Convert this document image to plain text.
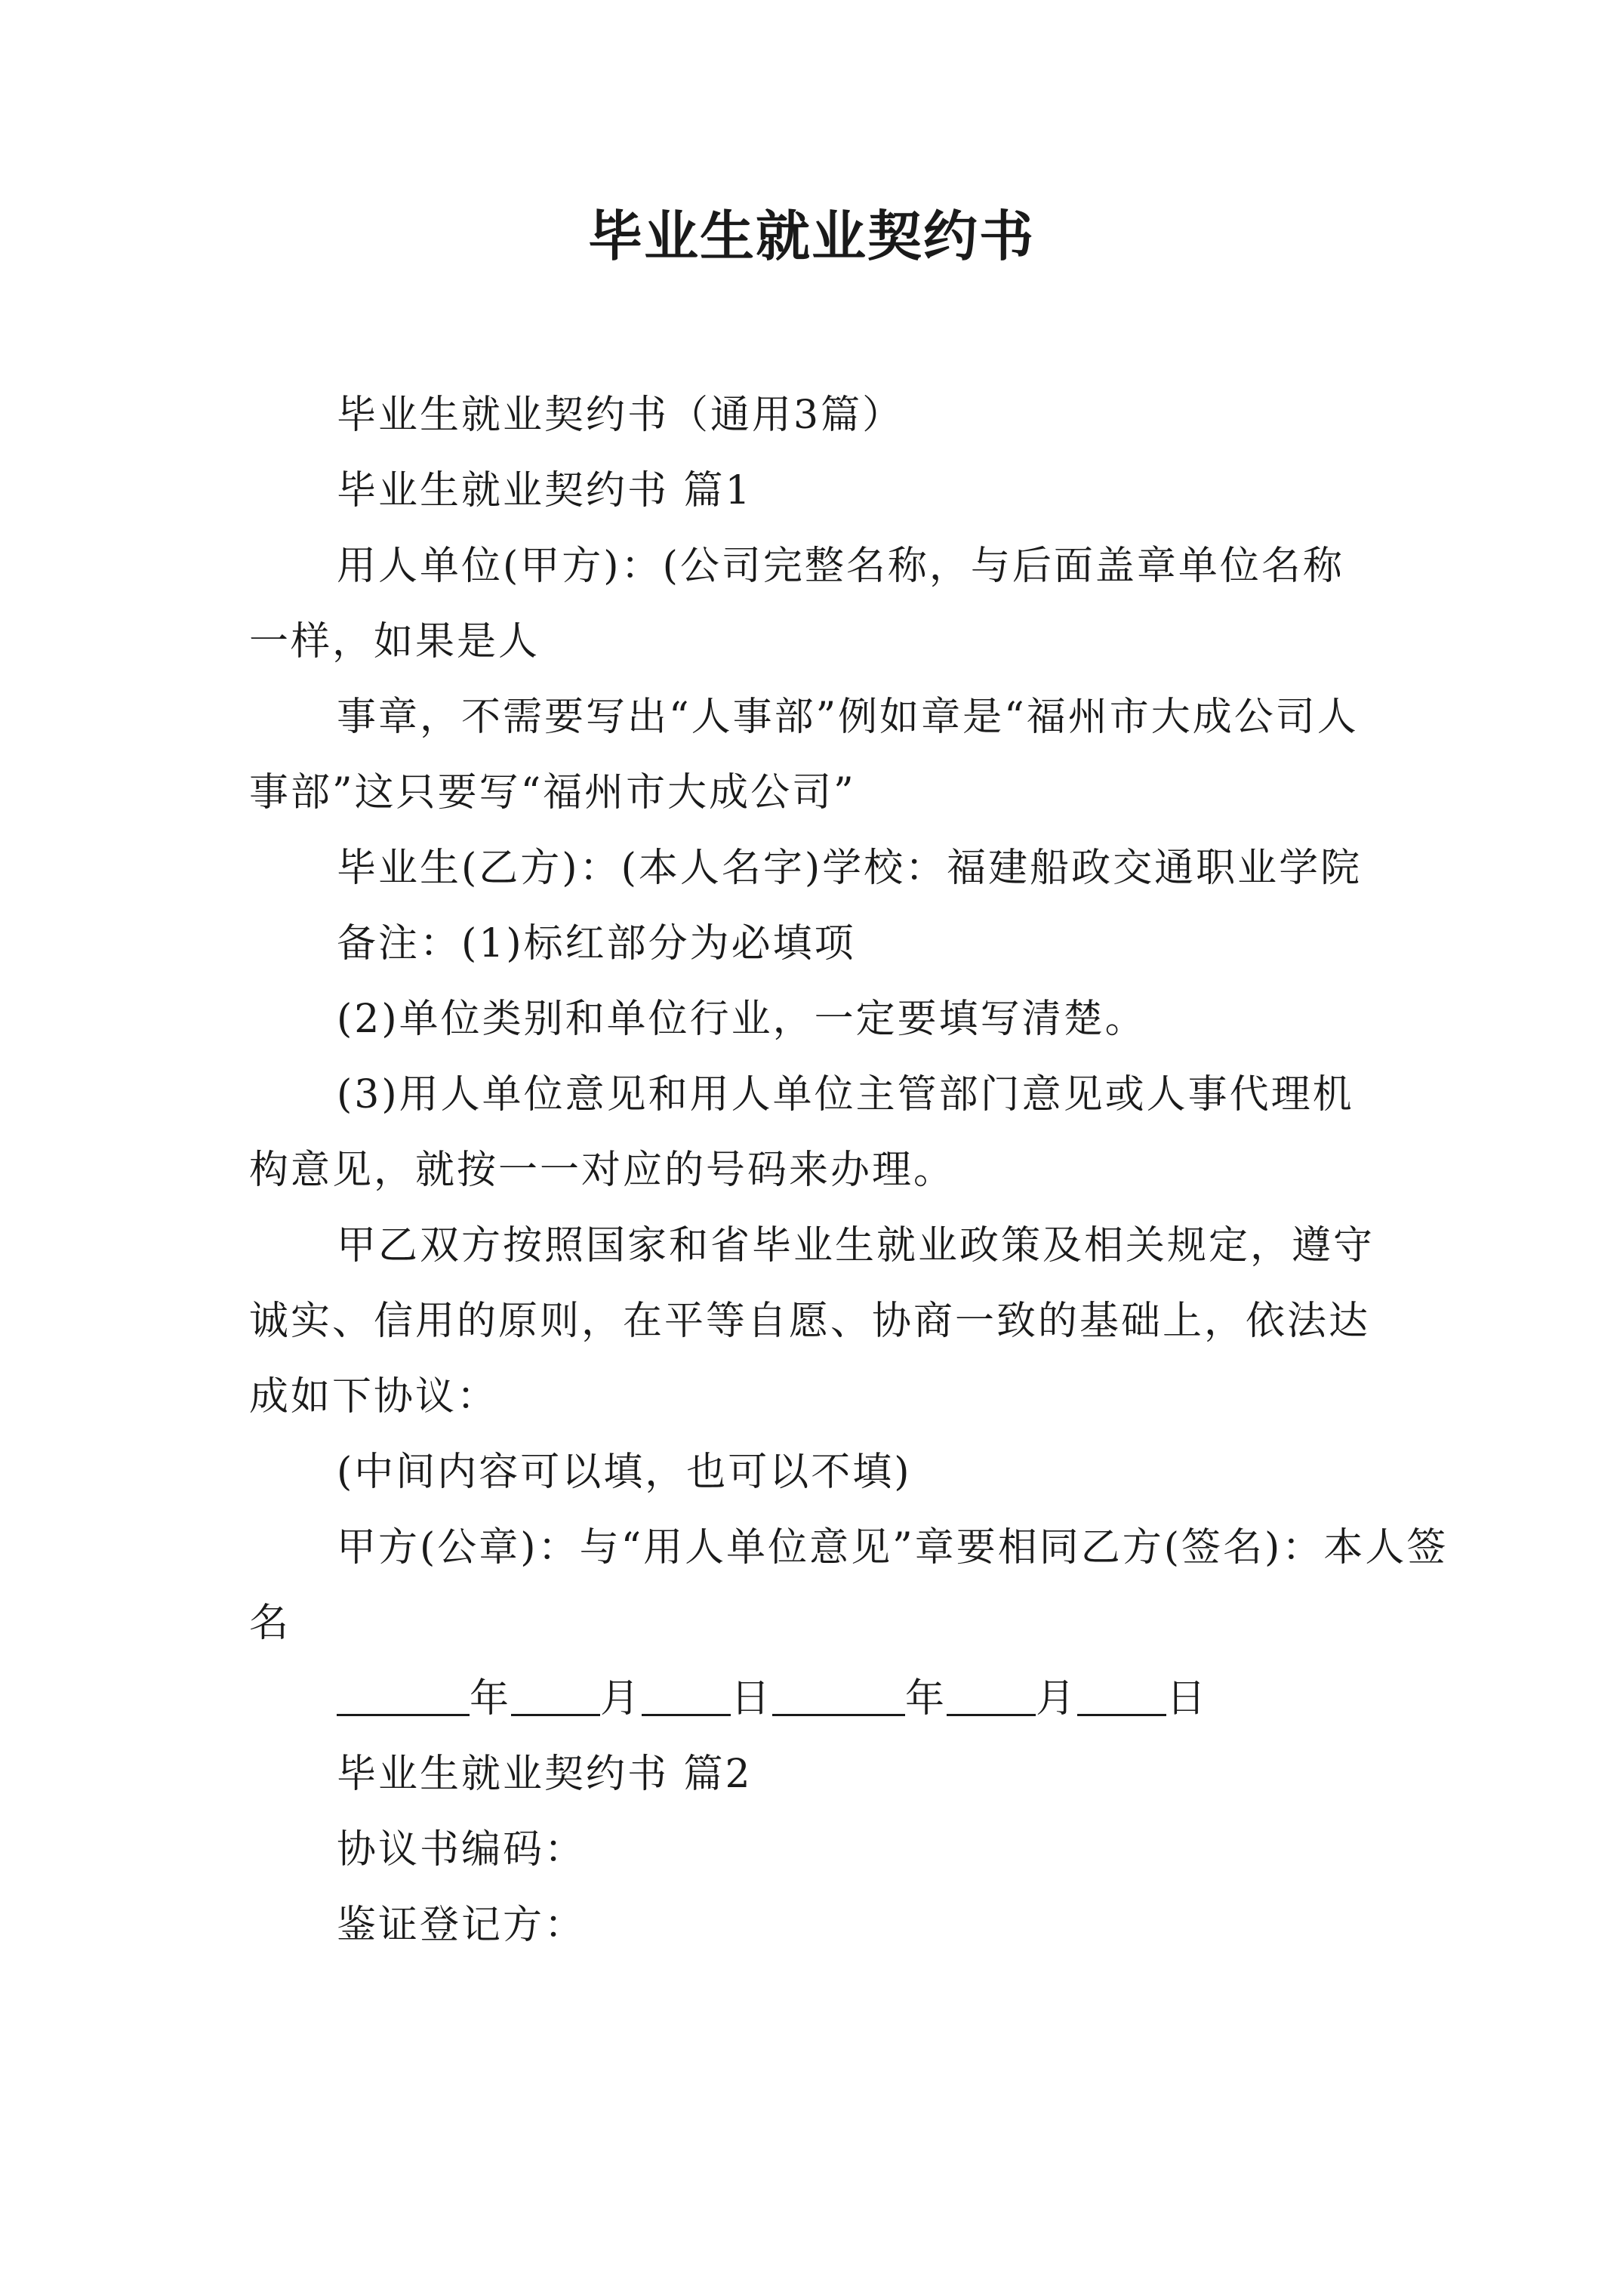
毕业生就业契约书

毕业生就业契约书（通用3篇）

毕业生就业契约书 篇1

用人单位(甲方)：(公司完整名称，与后面盖章单位名称一样，如果是人

事章，不需要写出“人事部”例如章是“福州市大成公司人事部”这只要写“福州市大成公司”

毕业生(乙方)：(本人名字)学校：福建船政交通职业学院

备注：(1)标红部分为必填项

(2)单位类别和单位行业，一定要填写清楚。

(3)用人单位意见和用人单位主管部门意见或人事代理机构意见，就按一一对应的号码来办理。

甲乙双方按照国家和省毕业生就业政策及相关规定，遵守诚实、信用的原则，在平等自愿、协商一致的基础上，依法达成如下协议：

(中间内容可以填，也可以不填)

甲方(公章)：与“用人单位意见”章要相同乙方(签名)：本人签名

年 月 日	年 月 日

毕业生就业契约书 篇2

协议书编码：

鉴证登记方：
